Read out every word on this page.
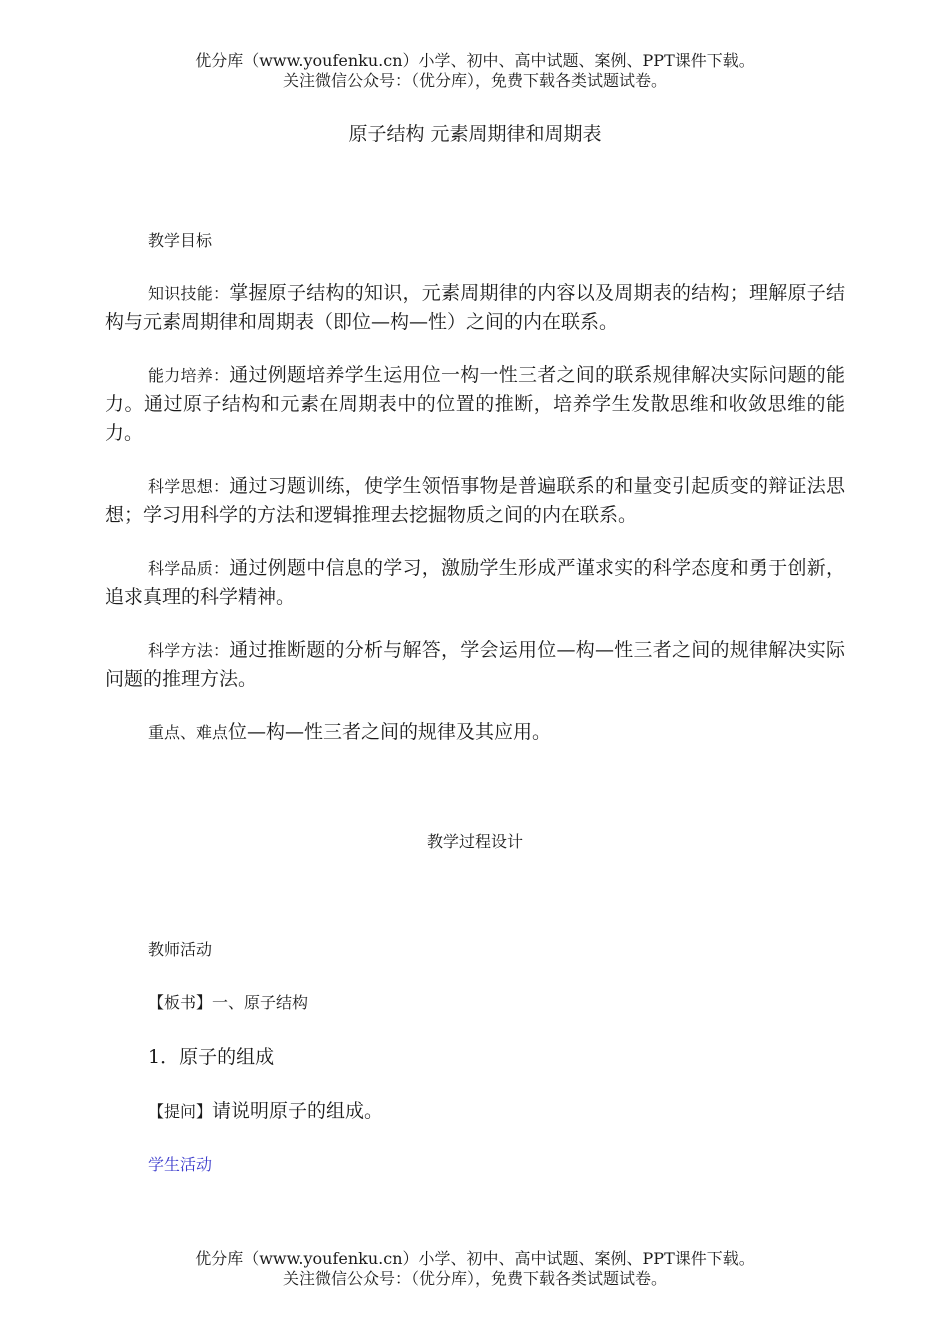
优分库（www.youfenku.cn）小学、初中、高中试题、案例、PPT课件下载。
关注微信公众号：（优分库），免费下载各类试题试卷。
原子结构 元素周期律和周期表
教学目标
知识技能：掌握原子结构的知识，元素周期律的内容以及周期表的结构；理解原子结构与元素周期律和周期表（即位—构—性）之间的内在联系。
能力培养：通过例题培养学生运用位一构一性三者之间的联系规律解决实际问题的能力。通过原子结构和元素在周期表中的位置的推断，培养学生发散思维和收敛思维的能力。
科学思想：通过习题训练，使学生领悟事物是普遍联系的和量变引起质变的辩证法思想；学习用科学的方法和逻辑推理去挖掘物质之间的内在联系。
科学品质：通过例题中信息的学习，激励学生形成严谨求实的科学态度和勇于创新，追求真理的科学精神。
科学方法：通过推断题的分析与解答，学会运用位—构—性三者之间的规律解决实际问题的推理方法。
重点、难点位—构—性三者之间的规律及其应用。
教学过程设计
教师活动
【板书】一、原子结构
1．原子的组成
【提问】请说明原子的组成。
学生活动
优分库（www.youfenku.cn）小学、初中、高中试题、案例、PPT课件下载。
关注微信公众号：（优分库），免费下载各类试题试卷。
